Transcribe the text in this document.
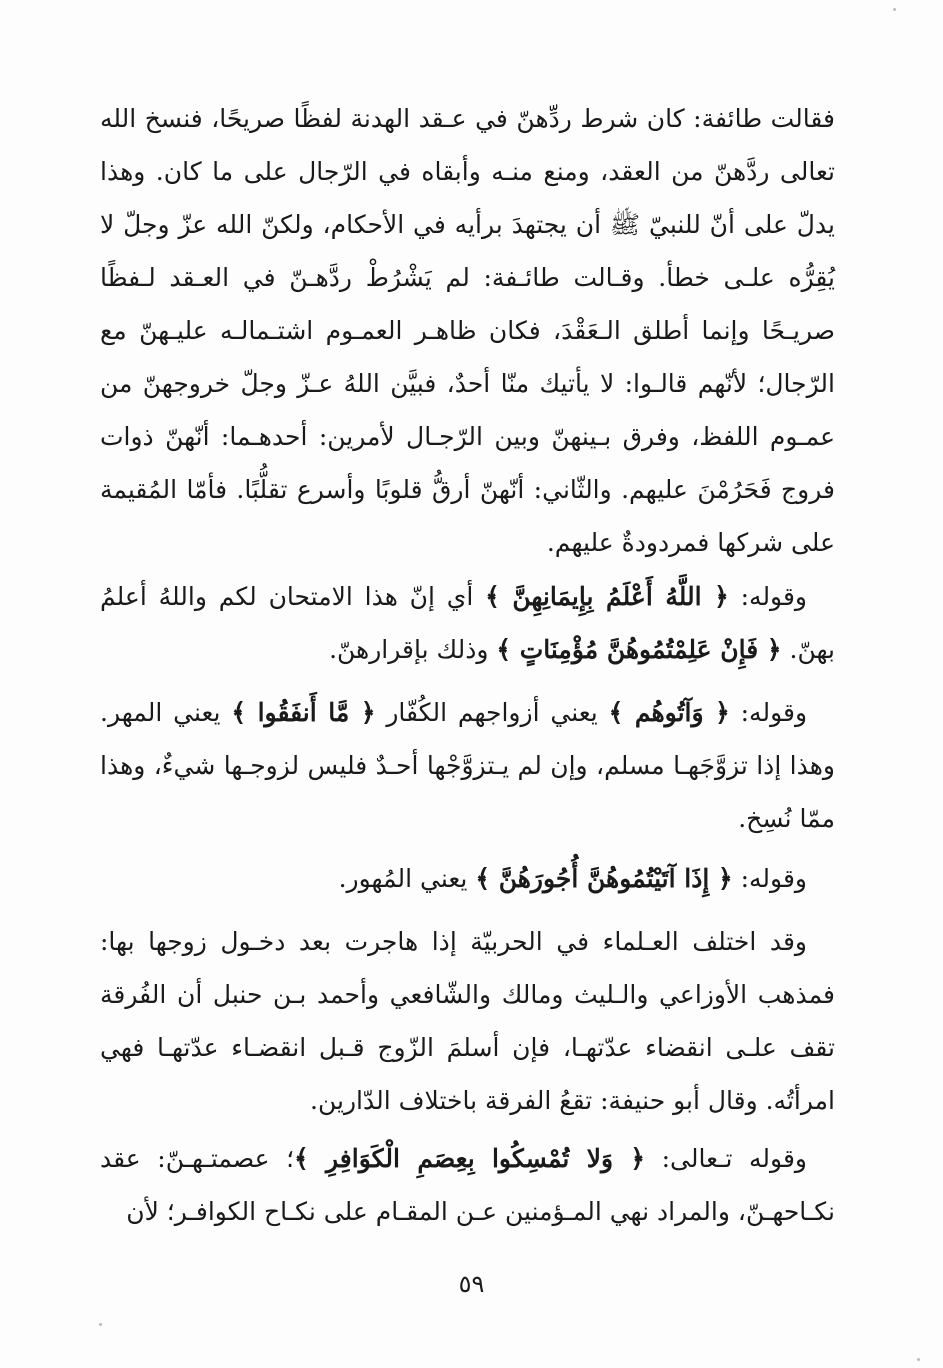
فقالت طائفة: كان شرط ردِّهنّ في عـقد الهدنة لفظًا صريحًا، فنسخ الله تعالى ردَّهنّ من العقد، ومنع منـه وأبقاه في الرّجال على ما كان. وهذا يدلّ على أنّ للنبيّ ﷺ أن يجتهدَ برأيه في الأحكام، ولكنّ الله عزّ وجلّ لا يُقِرُّه علـى خطأ. وقـالت طائـفة: لم يَشْرُطْ ردَّهـنّ في العـقد لـفظًا صريـحًا وإنما أطلق الـعَقْدَ، فكان ظاهـر العمـوم اشتـمالـه عليـهنّ مع الرّجال؛ لأنّهم قالـوا: لا يأتيك منّا أحدٌ، فبيَّن اللهُ عـزّ وجلّ خروجهنّ من عمـوم اللفظ، وفرق بـينهنّ وبين الرّجـال لأمرين: أحدهـما: أنّهنّ ذوات فروج فَحَرُمْنَ عليهم. والثّاني: أنّهنّ أرقُّ قلوبًا وأسرع تقلُّبًا. فأمّا المُقيمة على شركها فمردودةٌ عليهم.

وقوله: ﴿ اللَّهُ أَعْلَمُ بِإِيمَانِهِنَّ ﴾ أي إنّ هذا الامتحان لكم واللهُ أعلمُ بهنّ. ﴿ فَإِنْ عَلِمْتُمُوهُنَّ مُؤْمِنَاتٍ ﴾ وذلك بإقرارهنّ.

وقوله: ﴿ وَآتُوهُم ﴾ يعني أزواجهم الكُفّار ﴿ مَّا أَنفَقُوا ﴾ يعني المهر. وهذا إذا تزوَّجَهـا مسلم، وإن لم يـتزوَّجْها أحـدٌ فليس لزوجـها شيءٌ، وهذا ممّا نُسِخ.

وقوله: ﴿ إِذَا آتَيْتُمُوهُنَّ أُجُورَهُنَّ ﴾ يعني المُهور.

وقد اختلف العـلماء في الحربيّة إذا هاجرت بعد دخـول زوجها بها: فمذهب الأوزاعي والـليث ومالك والشّافعي وأحمد بـن حنبل أن الفُرقة تقف علـى انقضاء عدّتهـا، فإن أسلمَ الزّوج قـبل انقضـاء عدّتهـا فهي امرأتُه. وقال أبو حنيفة: تقعُ الفرقة باختلاف الدّارين.

وقوله تـعالى: ﴿ وَلا تُمْسِكُوا بِعِصَمِ الْكَوَافِرِ ﴾؛ عصمتـهـنّ: عقد نكـاحهـنّ، والمراد نهي المـؤمنين عـن المقـام على نكـاح الكوافـر؛ لأن

٥٩
